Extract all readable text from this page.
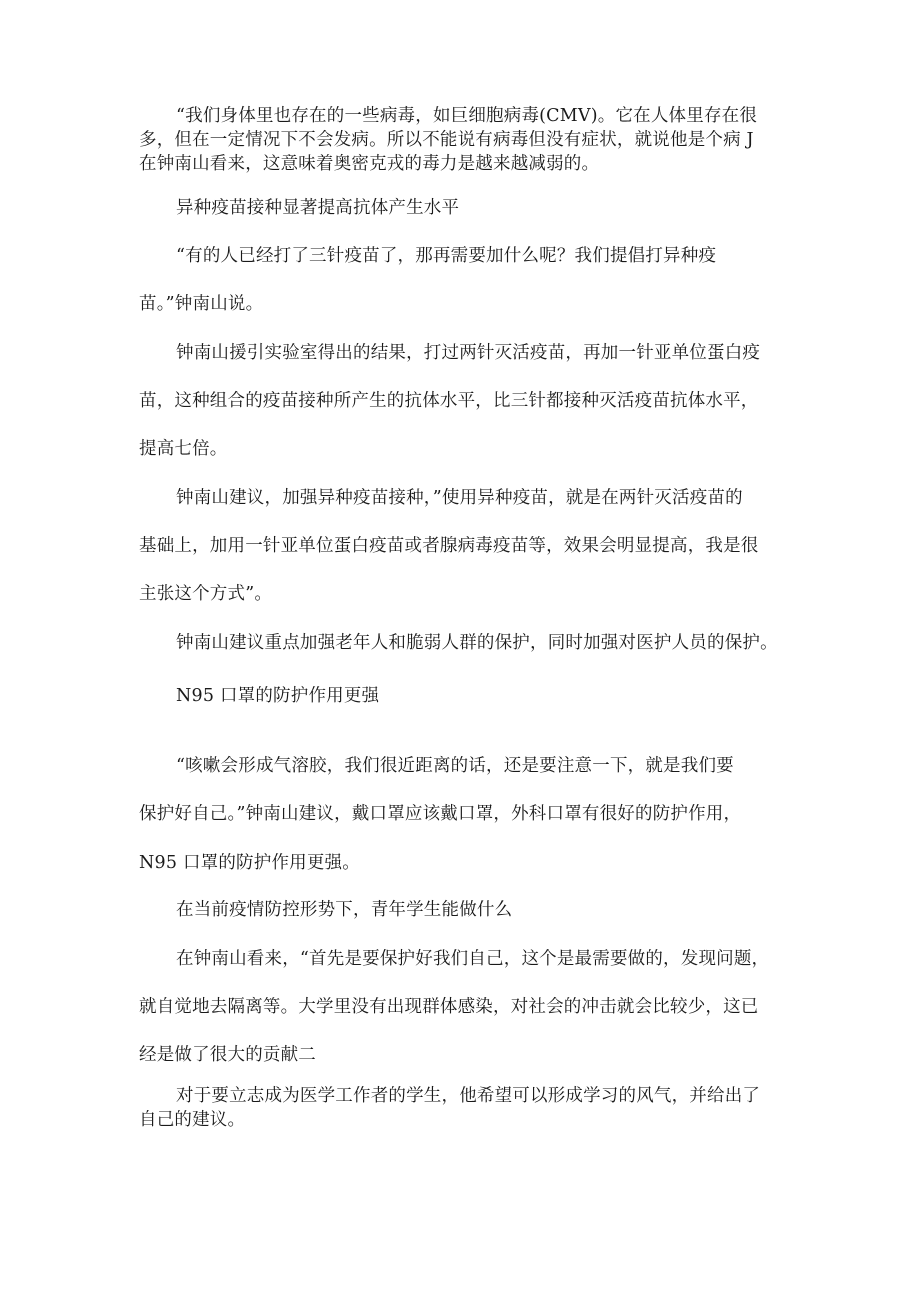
“我们身体里也存在的一些病毒，如巨细胞病毒(CMV)。它在人体里存在很
多，但在一定情况下不会发病。所以不能说有病毒但没有症状，就说他是个病 J
在钟南山看来，这意味着奥密克戎的毒力是越来越减弱的。
异种疫苗接种显著提高抗体产生水平
“有的人已经打了三针疫苗了，那再需要加什么呢？我们提倡打异种疫
苗。”钟南山说。
钟南山援引实验室得出的结果，打过两针灭活疫苗，再加一针亚单位蛋白疫
苗，这种组合的疫苗接种所产生的抗体水平，比三针都接种灭活疫苗抗体水平，
提高七倍。
钟南山建议，加强异种疫苗接种，”使用异种疫苗，就是在两针灭活疫苗的
基础上，加用一针亚单位蛋白疫苗或者腺病毒疫苗等，效果会明显提高，我是很
主张这个方式”。
钟南山建议重点加强老年人和脆弱人群的保护，同时加强对医护人员的保护。
N95 口罩的防护作用更强
“咳嗽会形成气溶胶，我们很近距离的话，还是要注意一下，就是我们要
保护好自己。”钟南山建议，戴口罩应该戴口罩，外科口罩有很好的防护作用，
N95 口罩的防护作用更强。
在当前疫情防控形势下，青年学生能做什么
在钟南山看来，“首先是要保护好我们自己，这个是最需要做的，发现问题，
就自觉地去隔离等。大学里没有出现群体感染，对社会的冲击就会比较少，这已
经是做了很大的贡献二
对于要立志成为医学工作者的学生，他希望可以形成学习的风气，并给出了
自己的建议。
